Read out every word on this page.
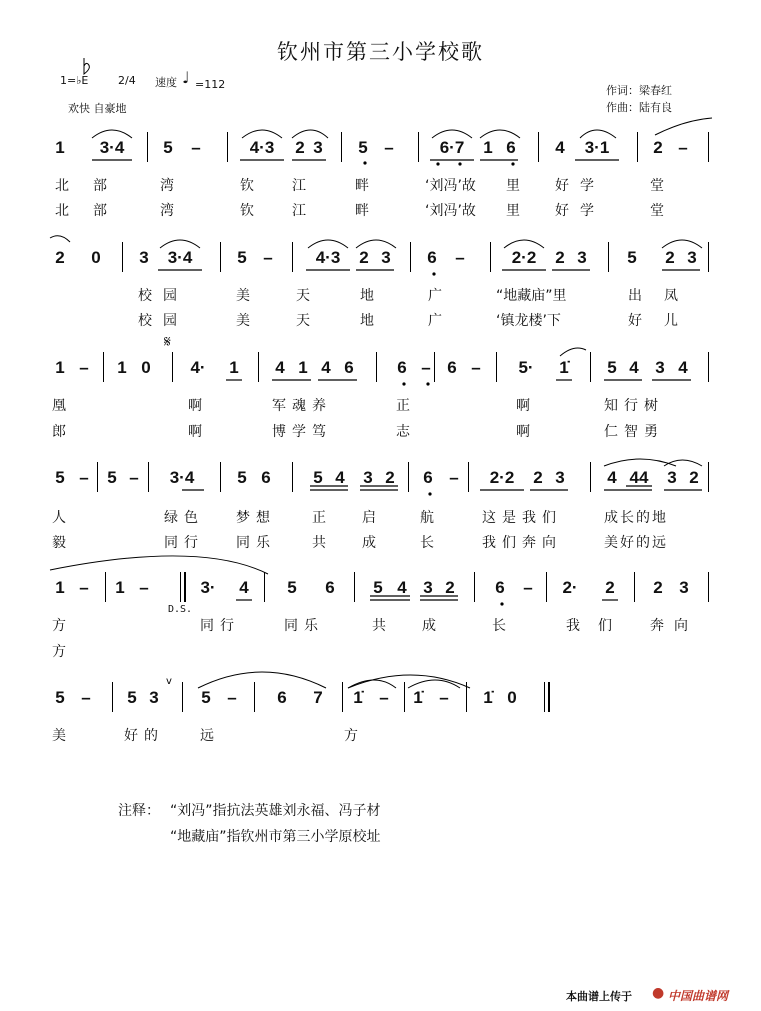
钦州市第三小学校歌
1=♭E	2/4 速度 ♩ =112
欢快 自豪地
作词：梁春红
作曲：陆有良
1	3·4	5 –	4·3	2 3 5 –	6·7	1 6 4	3·1	2 –
北 部	湾	钦	江	畔	‘刘冯’故 里	好 学	堂
北 部	湾	钦	江	畔	‘刘冯’故 里	好 学	堂
2 0 3	3·4	5 –	4·3	2 3 6 –	2·2	2 3 5 2 3
校 园	美	天	地	广	“地藏庙”里	出 凤
校 园	美	天	地	广	‘镇龙楼’下	好 儿
𝄋
1 – 1 0 4· 1 4 1 4 6	6 – 6 – 5· 1̇ 5 4 3 4
凰	啊	军魂养	正	啊	知行树
郎	啊	博学笃	志	啊	仁智勇
5 – 5 –	3·4	5 6	5 4 3 2 6 –	2·2	2 3	4 44 3 2
人	绿色 梦想	正	启	航	这是我们	成长的地
毅	同行 同乐	共	成	长	我们奔向	美好的远
1 – 1 –	3· 4 5 6 5 4 3 2 6 – 2· 2 2 3
D.S.
方	同行	同乐	共	成	长	我们 奔向
方
5 – 5 3	5 – 6 7 1̇ – 1̇ – 1̇ 0
美	好的	远	方
注释： “刘冯”指抗法英雄刘永福、冯子材
“地藏庙”指钦州市第三小学原校址
本曲谱上传于 ● 中国曲谱网
v
